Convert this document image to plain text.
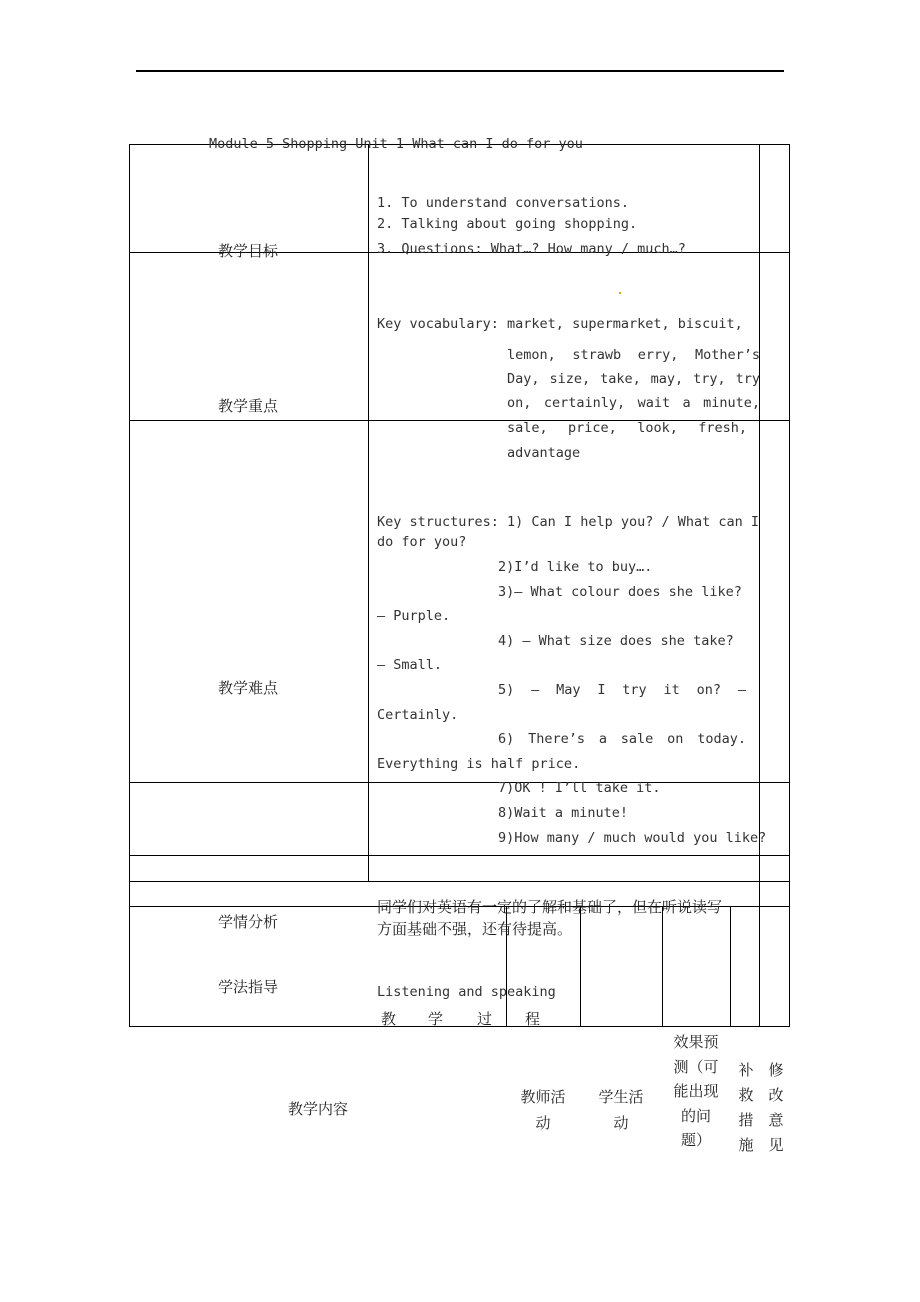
Module 5 Shopping Unit 1 What can I do for you
教学目标
教学重点
教学难点
学情分析
学法指导
1. To understand conversations.
2. Talking about going shopping.
3. Questions: What…? How many / much…?
Key vocabulary: market, supermarket, biscuit,
lemon, strawb erry, Mother’s
Day, size, take, may, try, try
on, certainly, wait a minute,
sale, price, look, fresh,
advantage
Key structures: 1) Can I help you? / What can I
do for you?
2)I’d like to buy….
3)— What colour does she like?
— Purple.
4) — What size does she take?
— Small.
5) — May I try it on? —
Certainly.
6) There’s a sale on today.
Everything is half price.
7)OK ! I’ll take it.
8)Wait a minute!
9)How many / much would you like?
同学们对英语有一定的了解和基础了，但在听说读写
方面基础不强，还有待提高。
Listening and speaking
教 学 过 程
教学内容
教师活
动
学生活
动
效果预
测（可
能出现
的问
题）
补
救
措
施
修
改
意
见
